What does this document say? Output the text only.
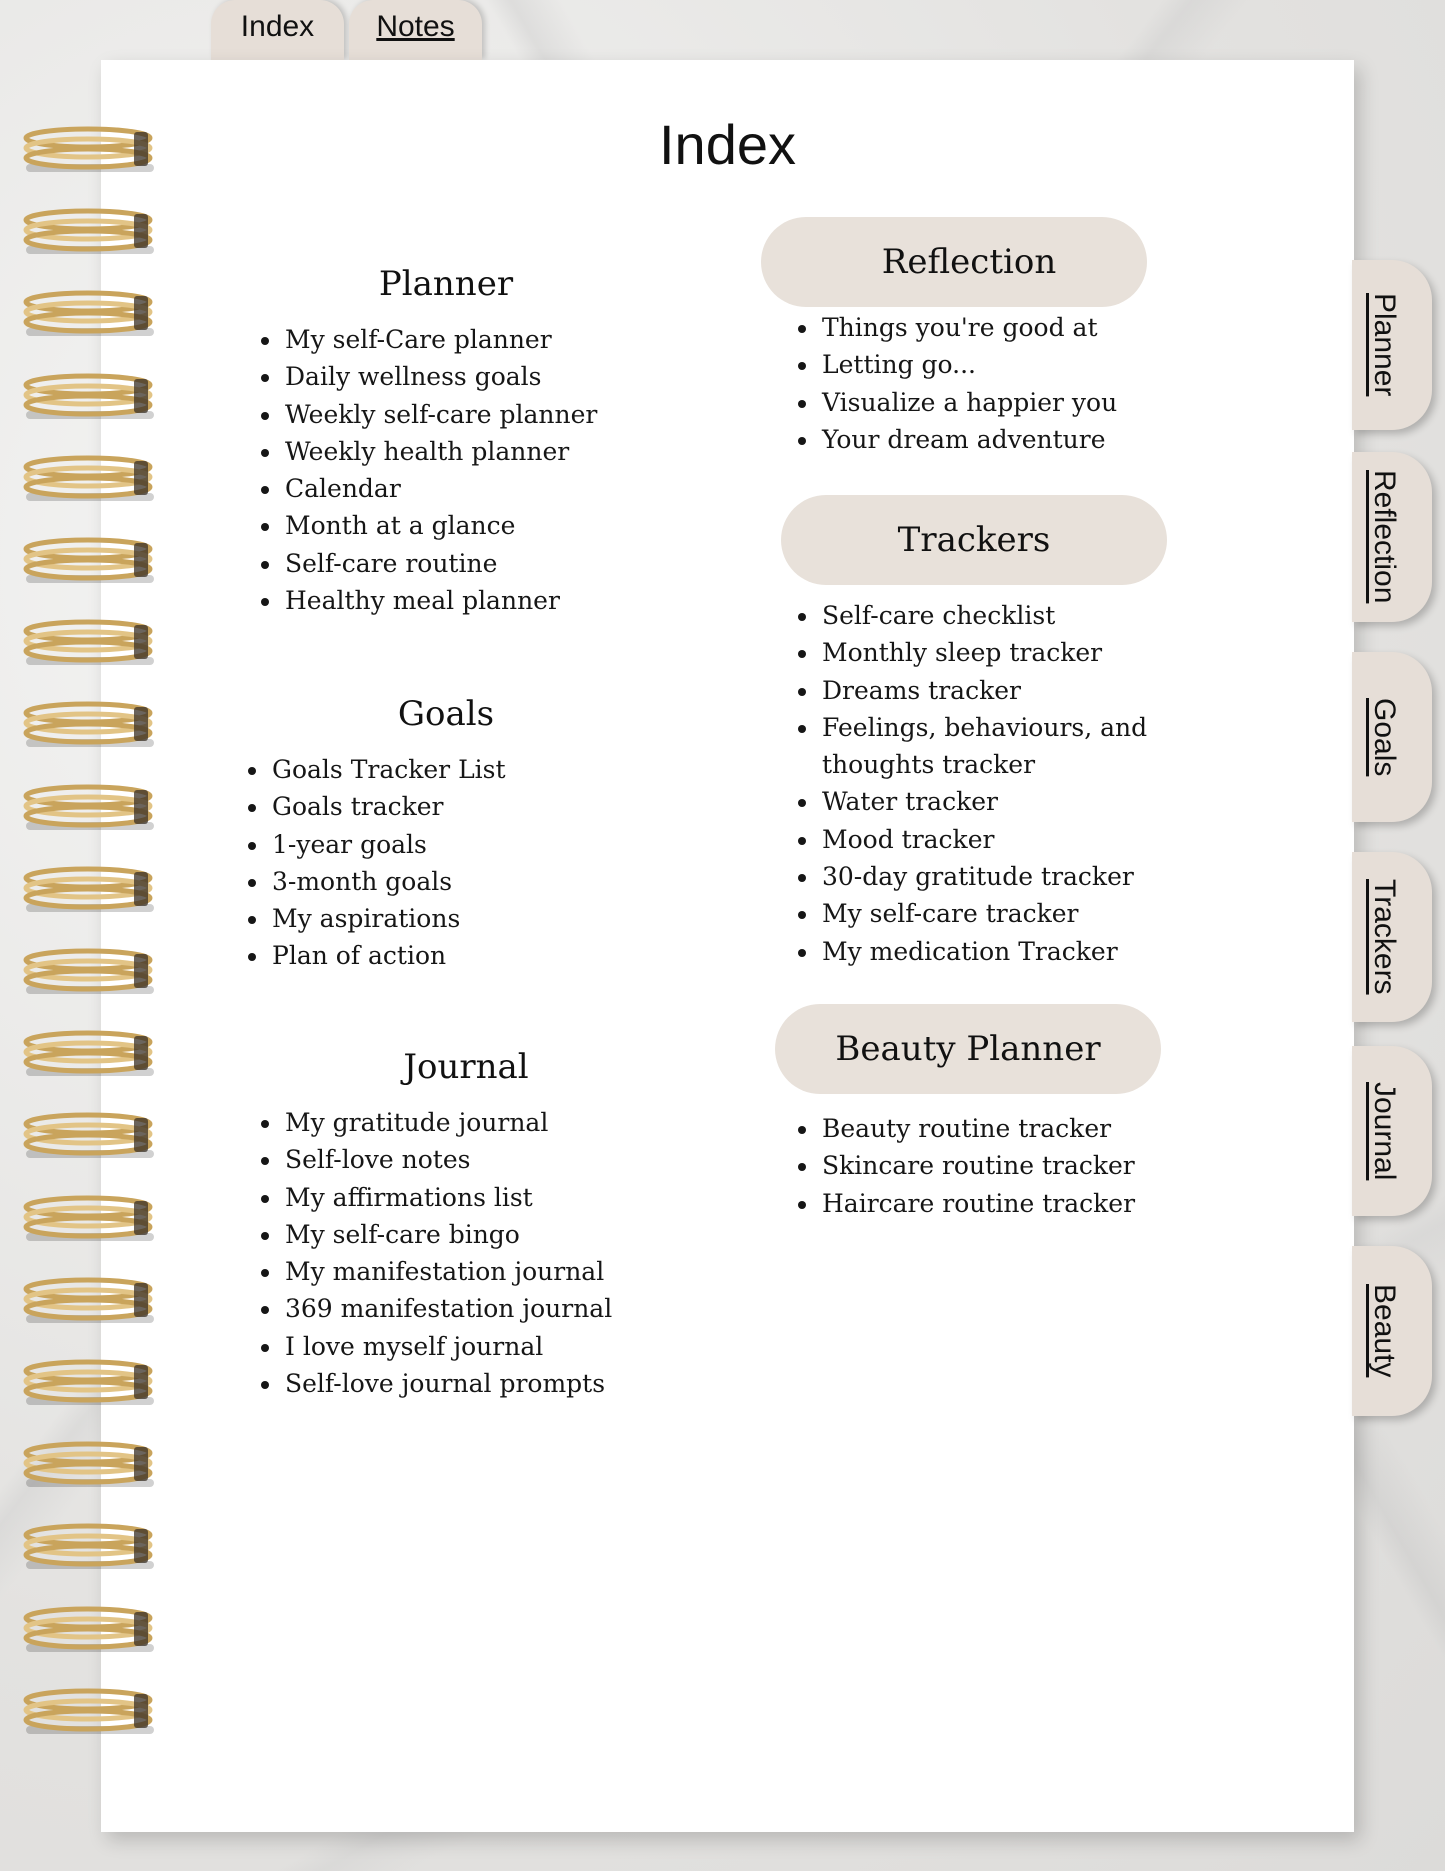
Index Notes
Index
Planner
• My self-Care planner
• Daily wellness goals
• Weekly self-care planner
• Weekly health planner
• Calendar
• Month at a glance
• Self-care routine
• Healthy meal planner
Goals
• Goals Tracker List
• Goals tracker
• 1-year goals
• 3-month goals
• My aspirations
• Plan of action
Journal
• My gratitude journal
• Self-love notes
• My affirmations list
• My self-care bingo
• My manifestation journal
• 369 manifestation journal
• I love myself journal
• Self-love journal prompts
Reflection
• Things you're good at
• Letting go...
• Visualize a happier you
• Your dream adventure
Trackers
• Self-care checklist
• Monthly sleep tracker
• Dreams tracker
• Feelings, behaviours, and thoughts tracker
• Water tracker
• Mood tracker
• 30-day gratitude tracker
• My self-care tracker
• My medication Tracker
Beauty Planner
• Beauty routine tracker
• Skincare routine tracker
• Haircare routine tracker
Planner
Reflection
Goals
Trackers
Journal
Beauty
